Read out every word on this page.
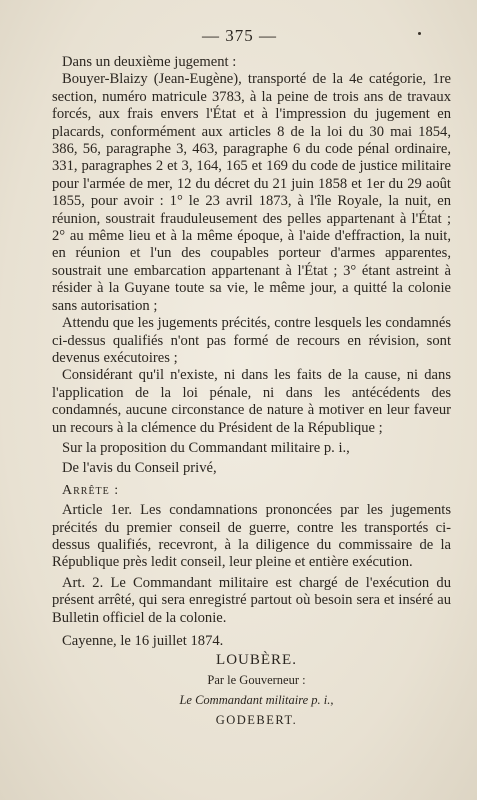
— 375 —

Dans un deuxième jugement :

Bouyer-Blaizy (Jean-Eugène), transporté de la 4e catégorie, 1re section, numéro matricule 3783, à la peine de trois ans de travaux forcés, aux frais envers l'État et à l'impression du jugement en placards, conformément aux articles 8 de la loi du 30 mai 1854, 386, 56, paragraphe 3, 463, paragraphe 6 du code pénal ordinaire, 331, paragraphes 2 et 3, 164, 165 et 169 du code de justice militaire pour l'armée de mer, 12 du décret du 21 juin 1858 et 1er du 29 août 1855, pour avoir : 1° le 23 avril 1873, à l'île Royale, la nuit, en réunion, soustrait frauduleusement des pelles appartenant à l'État ; 2° au même lieu et à la même époque, à l'aide d'effraction, la nuit, en réunion et l'un des coupables porteur d'armes apparentes, soustrait une embarcation appartenant à l'État ; 3° étant astreint à résider à la Guyane toute sa vie, le même jour, a quitté la colonie sans autorisation ;

Attendu que les jugements précités, contre lesquels les condamnés ci-dessus qualifiés n'ont pas formé de recours en révision, sont devenus exécutoires ;

Considérant qu'il n'existe, ni dans les faits de la cause, ni dans l'application de la loi pénale, ni dans les antécédents des condamnés, aucune circonstance de nature à motiver en leur faveur un recours à la clémence du Président de la République ;

Sur la proposition du Commandant militaire p. i.,

De l'avis du Conseil privé,

Arrête :

Article 1er. Les condamnations prononcées par les jugements précités du premier conseil de guerre, contre les transportés ci-dessus qualifiés, recevront, à la diligence du commissaire de la République près ledit conseil, leur pleine et entière exécution.

Art. 2. Le Commandant militaire est chargé de l'exécution du présent arrêté, qui sera enregistré partout où besoin sera et inséré au Bulletin officiel de la colonie.

Cayenne, le 16 juillet 1874.

LOUBÈRE.
Par le Gouverneur :
Le Commandant militaire p. i.,
GODEBERT.
